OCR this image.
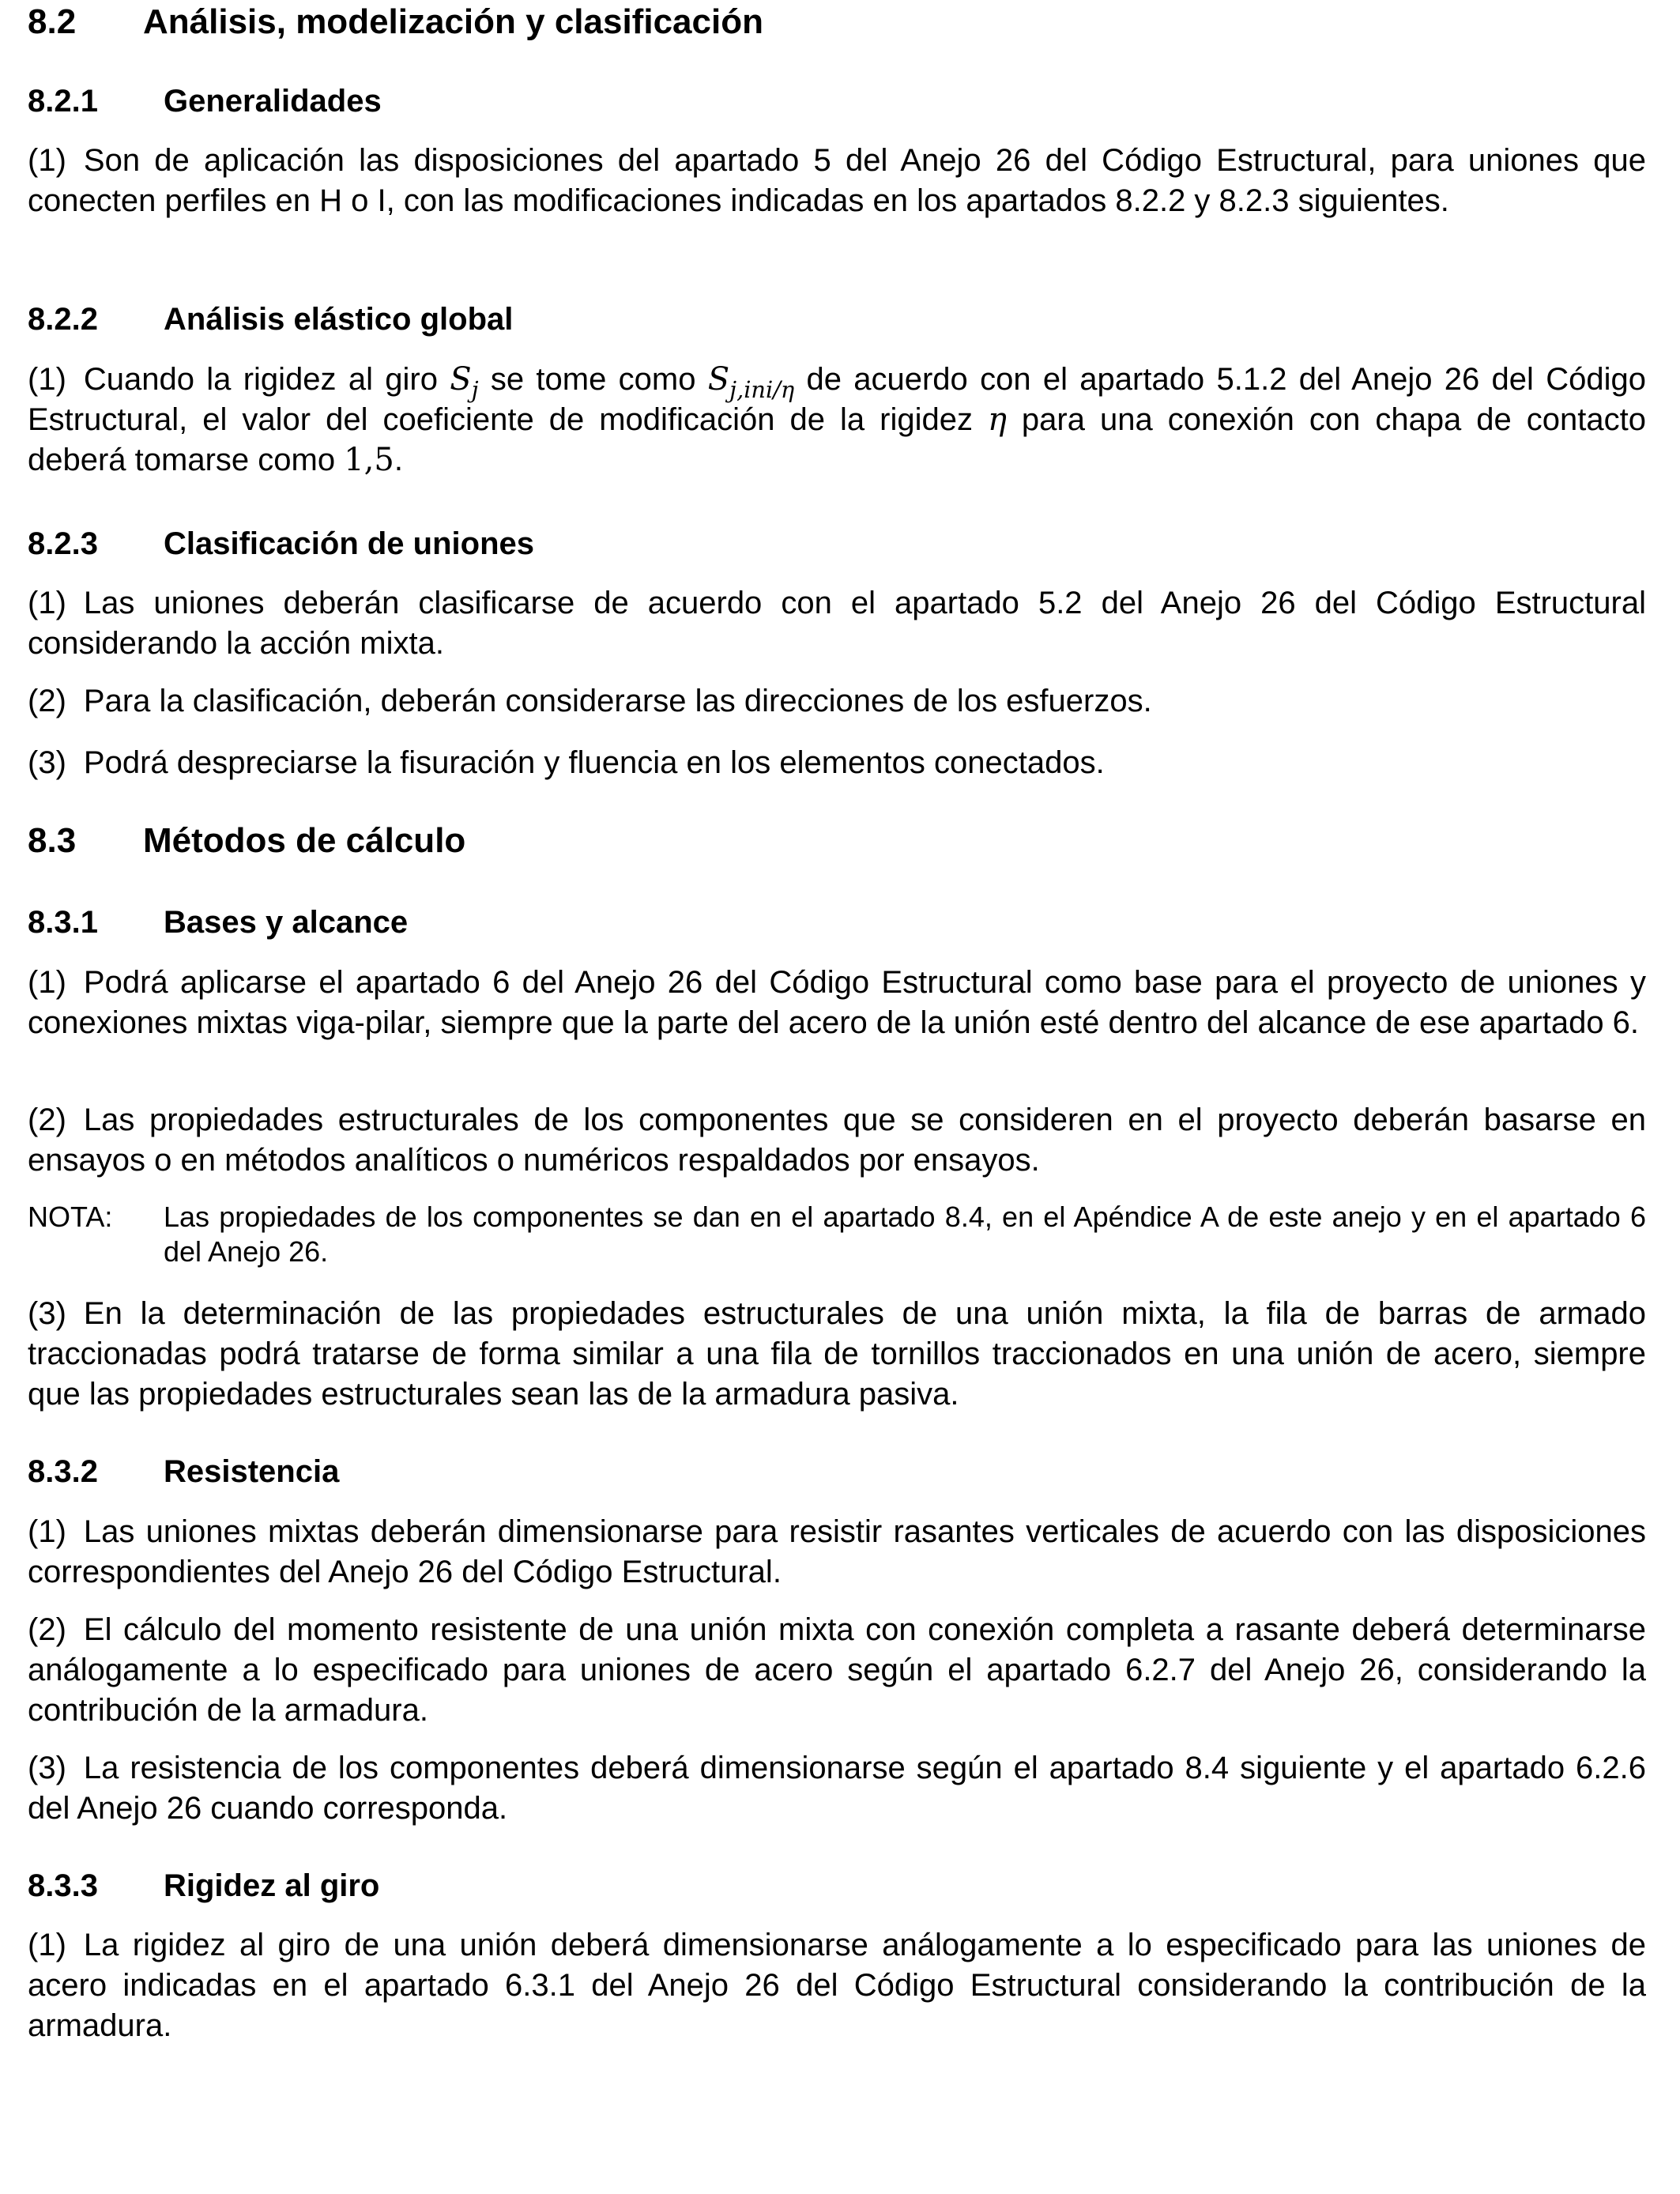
8.2	Análisis, modelización y clasificación
8.2.1	Generalidades

(1) Son de aplicación las disposiciones del apartado 5 del Anejo 26 del Código Estructural, para uniones que conecten perfiles en H o I, con las modificaciones indicadas en los apartados 8.2.2 y 8.2.3 siguientes.

8.2.2	Análisis elástico global

(1) Cuando la rigidez al giro $S_j$ se tome como $S_{j,ini/\eta}$ de acuerdo con el apartado 5.1.2 del Anejo 26 del Código Estructural, el valor del coeficiente de modificación de la rigidez η para una conexión con chapa de contacto deberá tomarse como 1,5.

8.2.3	Clasificación de uniones

(1) Las uniones deberán clasificarse de acuerdo con el apartado 5.2 del Anejo 26 del Código Estructural considerando la acción mixta.

(2) Para la clasificación, deberán considerarse las direcciones de los esfuerzos.

(3) Podrá despreciarse la fisuración y fluencia en los elementos conectados.

8.3	Métodos de cálculo
8.3.1	Bases y alcance

(1) Podrá aplicarse el apartado 6 del Anejo 26 del Código Estructural como base para el proyecto de uniones y conexiones mixtas viga-pilar, siempre que la parte del acero de la unión esté dentro del alcance de ese apartado 6.

(2) Las propiedades estructurales de los componentes que se consideren en el proyecto deberán basarse en ensayos o en métodos analíticos o numéricos respaldados por ensayos.

NOTA:	Las propiedades de los componentes se dan en el apartado 8.4, en el Apéndice A de este anejo y en el apartado 6 del Anejo 26.

(3) En la determinación de las propiedades estructurales de una unión mixta, la fila de barras de armado traccionadas podrá tratarse de forma similar a una fila de tornillos traccionados en una unión de acero, siempre que las propiedades estructurales sean las de la armadura pasiva.

8.3.2	Resistencia

(1) Las uniones mixtas deberán dimensionarse para resistir rasantes verticales de acuerdo con las disposiciones correspondientes del Anejo 26 del Código Estructural.

(2) El cálculo del momento resistente de una unión mixta con conexión completa a rasante deberá determinarse análogamente a lo especificado para uniones de acero según el apartado 6.2.7 del Anejo 26, considerando la contribución de la armadura.

(3) La resistencia de los componentes deberá dimensionarse según el apartado 8.4 siguiente y el apartado 6.2.6 del Anejo 26 cuando corresponda.

8.3.3	Rigidez al giro

(1) La rigidez al giro de una unión deberá dimensionarse análogamente a lo especificado para las uniones de acero indicadas en el apartado 6.3.1 del Anejo 26 del Código Estructural considerando la contribución de la armadura.
